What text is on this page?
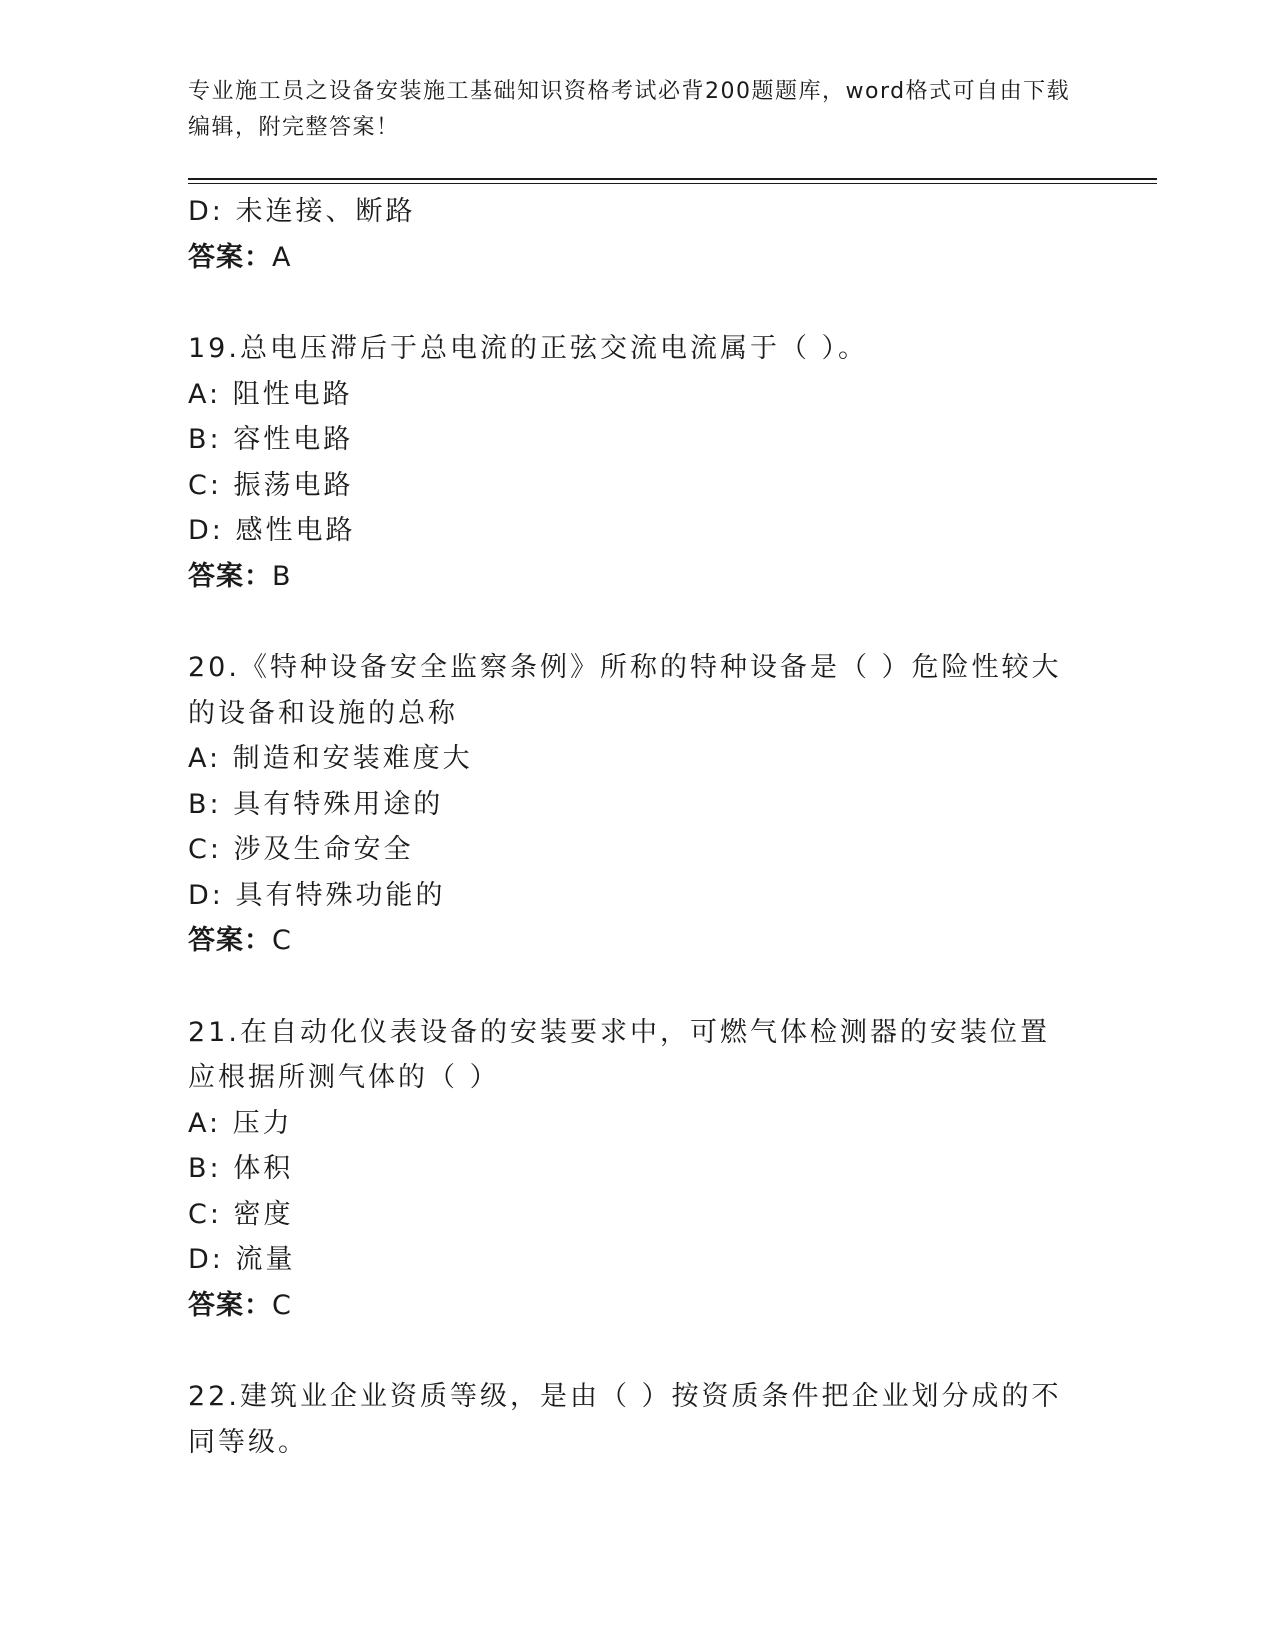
专业施工员之设备安装施工基础知识资格考试必背200题题库，word格式可自由下载编辑，附完整答案！
D: 未连接、断路
答案：A
19.总电压滞后于总电流的正弦交流电流属于（ ）。
A: 阻性电路
B: 容性电路
C: 振荡电路
D: 感性电路
答案：B
20.《特种设备安全监察条例》所称的特种设备是（ ）危险性较大的设备和设施的总称
A: 制造和安装难度大
B: 具有特殊用途的
C: 涉及生命安全
D: 具有特殊功能的
答案：C
21.在自动化仪表设备的安装要求中，可燃气体检测器的安装位置应根据所测气体的（ ）
A: 压力
B: 体积
C: 密度
D: 流量
答案：C
22.建筑业企业资质等级，是由（ ）按资质条件把企业划分成的不同等级。
